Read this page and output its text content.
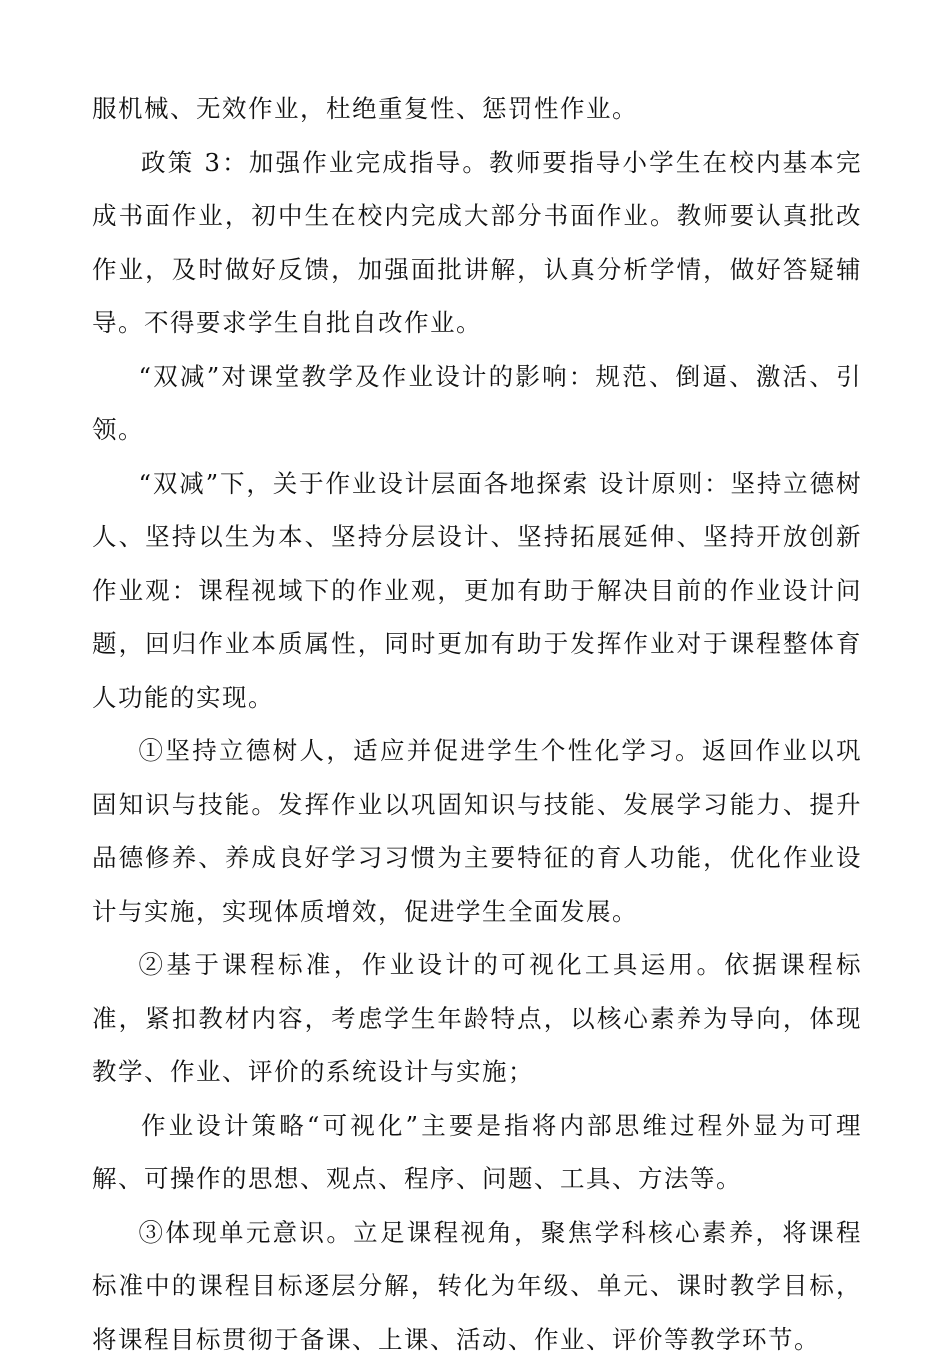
服机械、无效作业，杜绝重复性、惩罚性作业。

政策 3：加强作业完成指导。教师要指导小学生在校内基本完成书面作业，初中生在校内完成大部分书面作业。教师要认真批改作业，及时做好反馈，加强面批讲解，认真分析学情，做好答疑辅导。不得要求学生自批自改作业。

“双减”对课堂教学及作业设计的影响：规范、倒逼、激活、引领。

“双减”下，关于作业设计层面各地探索 设计原则：坚持立德树人、坚持以生为本、坚持分层设计、坚持拓展延伸、坚持开放创新作业观：课程视域下的作业观，更加有助于解决目前的作业设计问题，回归作业本质属性，同时更加有助于发挥作业对于课程整体育人功能的实现。

①坚持立德树人，适应并促进学生个性化学习。返回作业以巩固知识与技能。发挥作业以巩固知识与技能、发展学习能力、提升品德修养、养成良好学习习惯为主要特征的育人功能，优化作业设计与实施，实现体质增效，促进学生全面发展。

②基于课程标准，作业设计的可视化工具运用。依据课程标准，紧扣教材内容，考虑学生年龄特点，以核心素养为导向，体现教学、作业、评价的系统设计与实施；

作业设计策略“可视化”主要是指将内部思维过程外显为可理解、可操作的思想、观点、程序、问题、工具、方法等。

③体现单元意识。立足课程视角，聚焦学科核心素养，将课程标准中的课程目标逐层分解，转化为年级、单元、课时教学目标，将课程目标贯彻于备课、上课、活动、作业、评价等教学环节。
